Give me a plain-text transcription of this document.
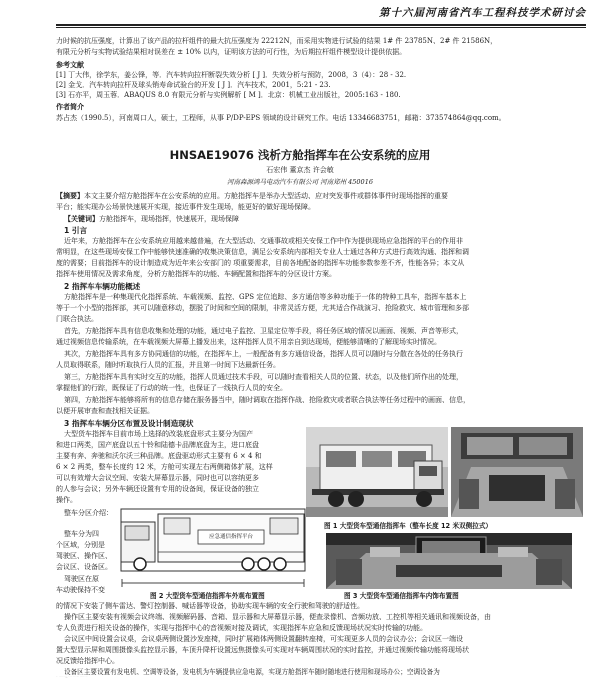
第十六届河南省汽车工程科技学术研讨会
力时候的抗压强度，计算出了该产品的拉杆组件的最大抗压强度为 22212N，而采用实物进行试验的结果 1# 件 23785N、2# 件 21586N，
有限元分析与实物试验结果相对误差在 ± 10% 以内，证明该方法的可行性，为后期拉杆组件模型设计提供依据。
参考文献
[1] 丁大伟，徐学东，姜公锋，等．汽车转向拉杆断裂失效分析 [ J ]．失效分析与预防，2008，3（4）：28 - 32.
[2] 金戈．汽车转向拉杆及球头销寿命试验台的开发 [ J ]．汽车技术，2001，5:21 - 23.
[3] 石亦平，周玉蓉．ABAQUS 8.0 有限元分析与实例解析 [ M ]．北京：机械工业出版社，2005:163 - 180.
作者简介
苏占杰（1990.5），河南周口人，硕士，工程师，从事 P/DP-EPS 领域的设计研究工作。电话 13346683751，邮箱：373574864@qq.com。
HNSAE19076 浅析方舱指挥车在公安系统的应用
石宏伟 董京杰 许会敏
河南森源鸿马电动汽车有限公司 河南郑州 450016
【摘要】本文主要介绍方舱指挥车在公安系统的应用。方舱指挥车是举办大型活动、应对突发事件或群体事件时现场指挥的重要
平台；能实现办公场景快速展开实现，接近事件发生现场，能更好的做好现场保障。
【关键词】方舱指挥车，现场指挥，快速展开，现场保障
1 引言
近年来，方舱指挥车在公安系统应用越来越普遍，在大型活动、交通事故或相关安保工作中作为提供现场应急指挥的平台的作用非
常明显，在这些现场安保工作中能够快速准确的收集决策信息，满足公安系统内部相关专业人士通过各种方式进行高效沟通、指挥和调
度的需要；目前指挥车的设计制造成为近年来公安部门的 项重要需求，目前各地配备的指挥车功能参数参差不齐，性能各异；本文从
指挥车使用情况及需求角度，分析方舱指挥车的功能、车辆配置和指挥车的分区设计方案。
2 指挥车车辆功能概述
方舱指挥车是一种集现代化指挥系统、车载视频、监控、GPS 定位追踪、多方通信等多种功能于一体的特种工具车，指挥车基本上
等于一个小型的指挥部，其可以随意移动，摆脱了时间和空间的限制，非常灵活方便，尤其适合作战演习、抢险救灾、城市管理和多部
门联合执法。
首先，方舱指挥车具有信息收集和处理的功能，通过电子监控、卫星定位等手段，将任务区域的情况以画面、视频、声音等形式，
通过视频信息传输系统，在车载视频大屏幕上播发出来，这样指挥人员不用亲自到达现场，便能够清晰的了解现场实时情况。
其次，方舱指挥车具有多方协同通信的功能，在指挥车上，一般配备有多方通信设备，指挥人员可以随时与分散在各处的任务执行
人员取得联系，随时听取执行人员的汇报，并且第一时间下达最新任务。
第三，方舱指挥车具有实时交互的功能，指挥人员通过技术手段，可以随时查看相关人员的位置、状态，以及他们所作出的处理，
掌握他们的行踪，既保证了行动的统一性，也保证了一线执行人员的安全。
第四，方舱指挥车能够将所有的信息存储在服务器当中，随时调取在指挥作战、抢险救灾或者联合执法等任务过程中的画面、信息，
以便开展审查和查找相关证据。
3 指挥车车辆分区布置及设计制造现状
大型货车指挥车目前市场上选择的改装底盘形式主要分为国产
和进口两类，国产底盘以五十铃和陆德卡品牌底盘为主，进口底盘
主要有奔、奔驰和沃尔沃三种品牌。底盘驱动形式主要有 6 × 4 和
6 × 2 两类，整车长度约 12 米，方舱可实现左右两侧箱体扩展，这样
可以有效增大会议空间、安装大屏幕显示器，同时也可以容纳更多
的人参与会议；另外车辆还设置有专用的设备间，保证设备的独立
操作。
整车分区介绍：
整车分为四
个区域，分别是
驾驶区、操作区、
会议区、设备区。
驾驶区在原
车动驶保持不变
图 1 大型货车型通信指挥车（整车长度 12 米双侧拉式）
应急通信指挥平台
图 2 大型货车型通信指挥车外观布置图	图 3 大型货车型通信指挥车内饰布置图
的情况下安装了侧车雷达、警灯控制器、喊话器等设备，协助实现车辆的安全行驶和驾驶的舒适性。
操作区主要安装有视频会议终端、视频解码器、音箱、显示器和大屏幕显示器，便查录像机、音频功放、工控机等相关通讯和视频设备，由
专人负责进行相关设备的操作，实现与指挥中心的音视频对接及调试，实现指挥车应急和反馈现场状况实时传输的功能。
会议区中间设置会议桌，会议桌两侧设置沙发座椅，同时扩展箱体两侧设置翻转座椅，可实现更多人员的会议办公；会议区一端设
置大型显示屏和周围摄像头监控显示器，车顶升降杆设置远焦摄像头可实现对车辆周围状况的实时监控，并通过视频传输功能将现场状
况反馈给指挥中心。
设备区主要设置有发电机、空调等设备，发电机为车辆提供应急电源，实现方舱指挥车随时随地进行使用和现场办公；空调设备为
舱内工作人员提供舒适的工作环境和工作条件，保障工作人员的基本需求。
